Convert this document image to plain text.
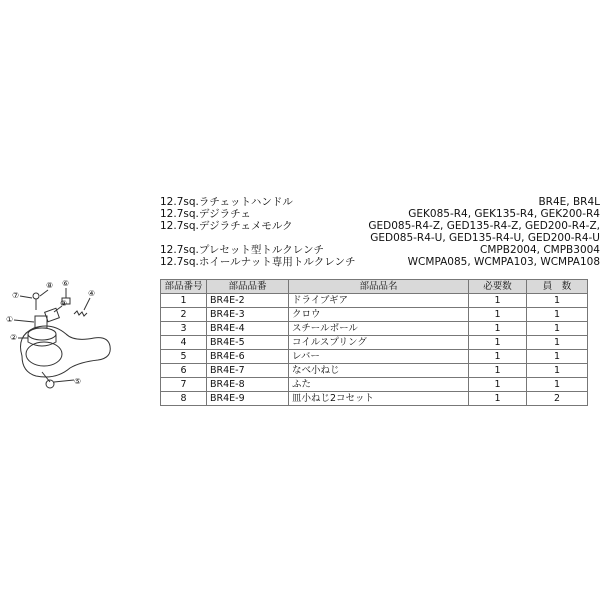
⑦
⑧ ⑥
③
④
①
②
⑤
12.7sq.ラチェットハンドル	BR4E, BR4L
12.7sq.デジラチェ	GEK085-R4, GEK135-R4, GEK200-R4
12.7sq.デジラチェメモルク	GED085-R4-Z, GED135-R4-Z, GED200-R4-Z,
GED085-R4-U, GED135-R4-U, GED200-R4-U
12.7sq.プレセット型トルクレンチ	CMPB2004, CMPB3004
12.7sq.ホイールナット専用トルクレンチ	WCMPA085, WCMPA103, WCMPA108
部品番号	部品品番	部品品名	必要数	員　数
1	BR4E-2	ドライブギア	1	1
2	BR4E-3	クロウ	1	1
3	BR4E-4	スチールボール	1	1
4	BR4E-5	コイルスプリング	1	1
5	BR4E-6	レバー	1	1
6	BR4E-7	なべ小ねじ	1	1
7	BR4E-8	ふた	1	1
8	BR4E-9	皿小ねじ2コセット	1	2
